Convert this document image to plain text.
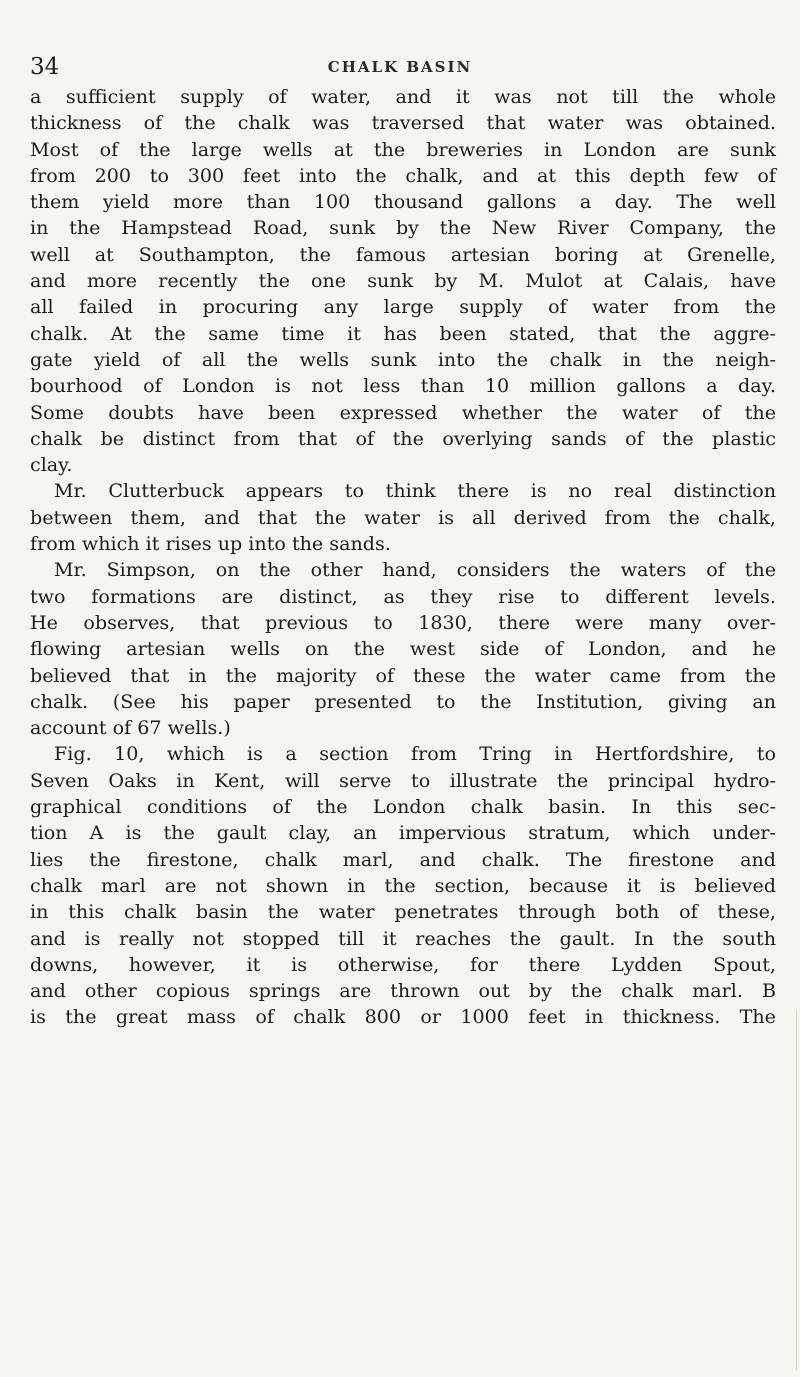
34	CHALK BASIN
a sufficient supply of water, and it was not till the whole
thickness of the chalk was traversed that water was obtained.
Most of the large wells at the breweries in London are sunk
from 200 to 300 feet into the chalk, and at this depth few of
them yield more than 100 thousand gallons a day. The well
in the Hampstead Road, sunk by the New River Company, the
well at Southampton, the famous artesian boring at Grenelle,
and more recently the one sunk by M. Mulot at Calais, have
all failed in procuring any large supply of water from the
chalk. At the same time it has been stated, that the aggre-
gate yield of all the wells sunk into the chalk in the neigh-
bourhood of London is not less than 10 million gallons a day.
Some doubts have been expressed whether the water of the
chalk be distinct from that of the overlying sands of the plastic
clay.
Mr. Clutterbuck appears to think there is no real distinction
between them, and that the water is all derived from the chalk,
from which it rises up into the sands.
Mr. Simpson, on the other hand, considers the waters of the
two formations are distinct, as they rise to different levels.
He observes, that previous to 1830, there were many over-
flowing artesian wells on the west side of London, and he
believed that in the majority of these the water came from the
chalk. (See his paper presented to the Institution, giving an
account of 67 wells.)
Fig. 10, which is a section from Tring in Hertfordshire, to
Seven Oaks in Kent, will serve to illustrate the principal hydro-
graphical conditions of the London chalk basin. In this sec-
tion A is the gault clay, an impervious stratum, which under-
lies the firestone, chalk marl, and chalk. The firestone and
chalk marl are not shown in the section, because it is believed
in this chalk basin the water penetrates through both of these,
and is really not stopped till it reaches the gault. In the south
downs, however, it is otherwise, for there Lydden Spout,
and other copious springs are thrown out by the chalk marl. B
is the great mass of chalk 800 or 1000 feet in thickness. The
